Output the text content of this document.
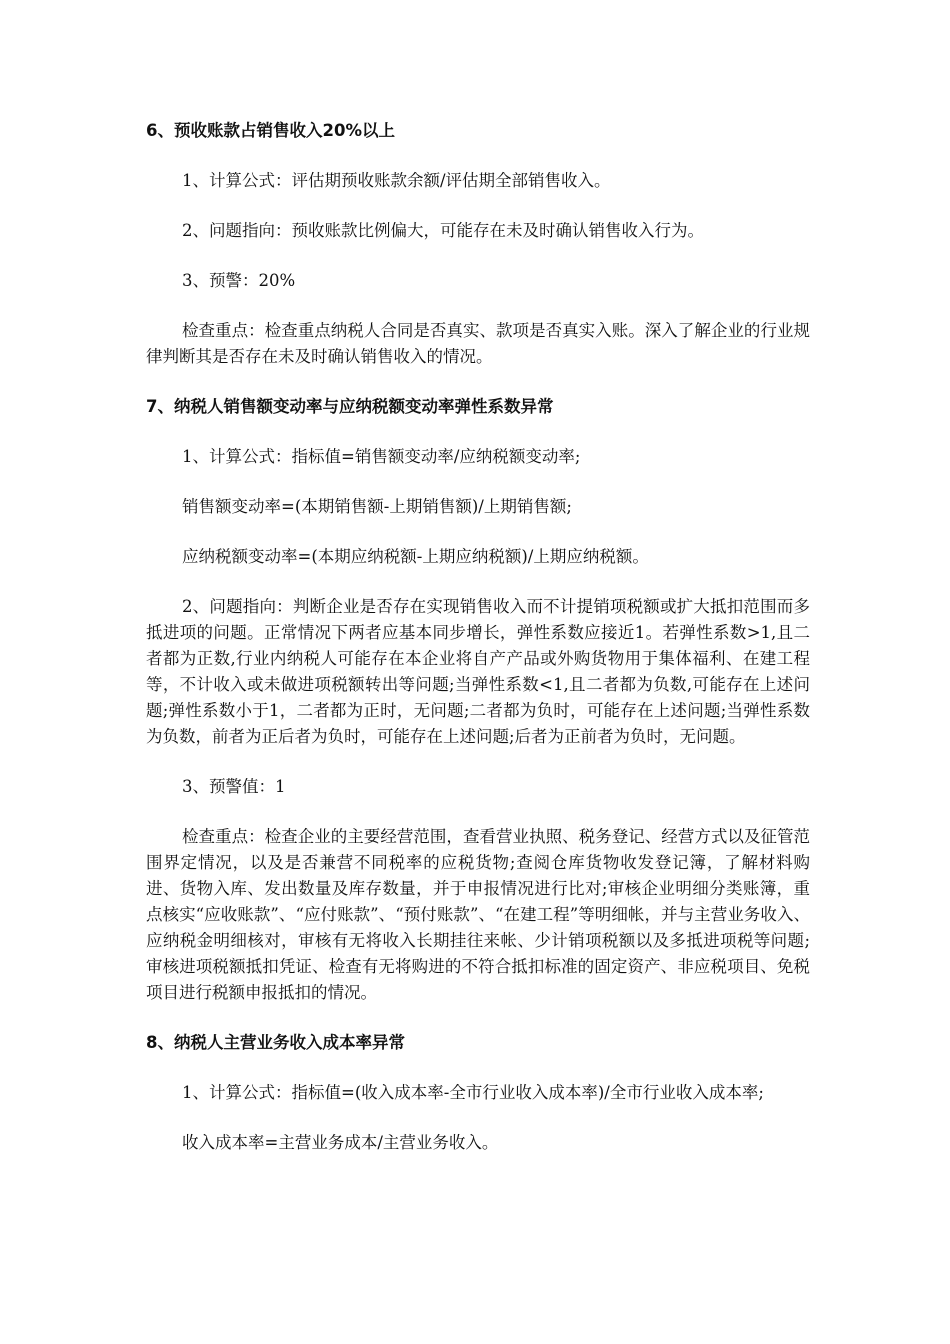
6、预收账款占销售收入20%以上
1、计算公式：评估期预收账款余额/评估期全部销售收入。
2、问题指向：预收账款比例偏大，可能存在未及时确认销售收入行为。
3、预警：20%
检查重点：检查重点纳税人合同是否真实、款项是否真实入账。深入了解企业的行业规律判断其是否存在未及时确认销售收入的情况。
7、纳税人销售额变动率与应纳税额变动率弹性系数异常
1、计算公式：指标值=销售额变动率/应纳税额变动率;
销售额变动率=(本期销售额-上期销售额)/上期销售额;
应纳税额变动率=(本期应纳税额-上期应纳税额)/上期应纳税额。
2、问题指向：判断企业是否存在实现销售收入而不计提销项税额或扩大抵扣范围而多抵进项的问题。正常情况下两者应基本同步增长，弹性系数应接近1。若弹性系数>1,且二者都为正数,行业内纳税人可能存在本企业将自产产品或外购货物用于集体福利、在建工程等，不计收入或未做进项税额转出等问题;当弹性系数<1,且二者都为负数,可能存在上述问题;弹性系数小于1，二者都为正时，无问题;二者都为负时，可能存在上述问题;当弹性系数为负数，前者为正后者为负时，可能存在上述问题;后者为正前者为负时，无问题。
3、预警值：1
检查重点：检查企业的主要经营范围，查看营业执照、税务登记、经营方式以及征管范围界定情况，以及是否兼营不同税率的应税货物;查阅仓库货物收发登记簿，了解材料购进、货物入库、发出数量及库存数量，并于申报情况进行比对;审核企业明细分类账簿，重点核实“应收账款”、“应付账款”、“预付账款”、“在建工程”等明细帐，并与主营业务收入、应纳税金明细核对，审核有无将收入长期挂往来帐、少计销项税额以及多抵进项税等问题;审核进项税额抵扣凭证、检查有无将购进的不符合抵扣标准的固定资产、非应税项目、免税项目进行税额申报抵扣的情况。
8、纳税人主营业务收入成本率异常
1、计算公式：指标值=(收入成本率-全市行业收入成本率)/全市行业收入成本率;
收入成本率=主营业务成本/主营业务收入。
